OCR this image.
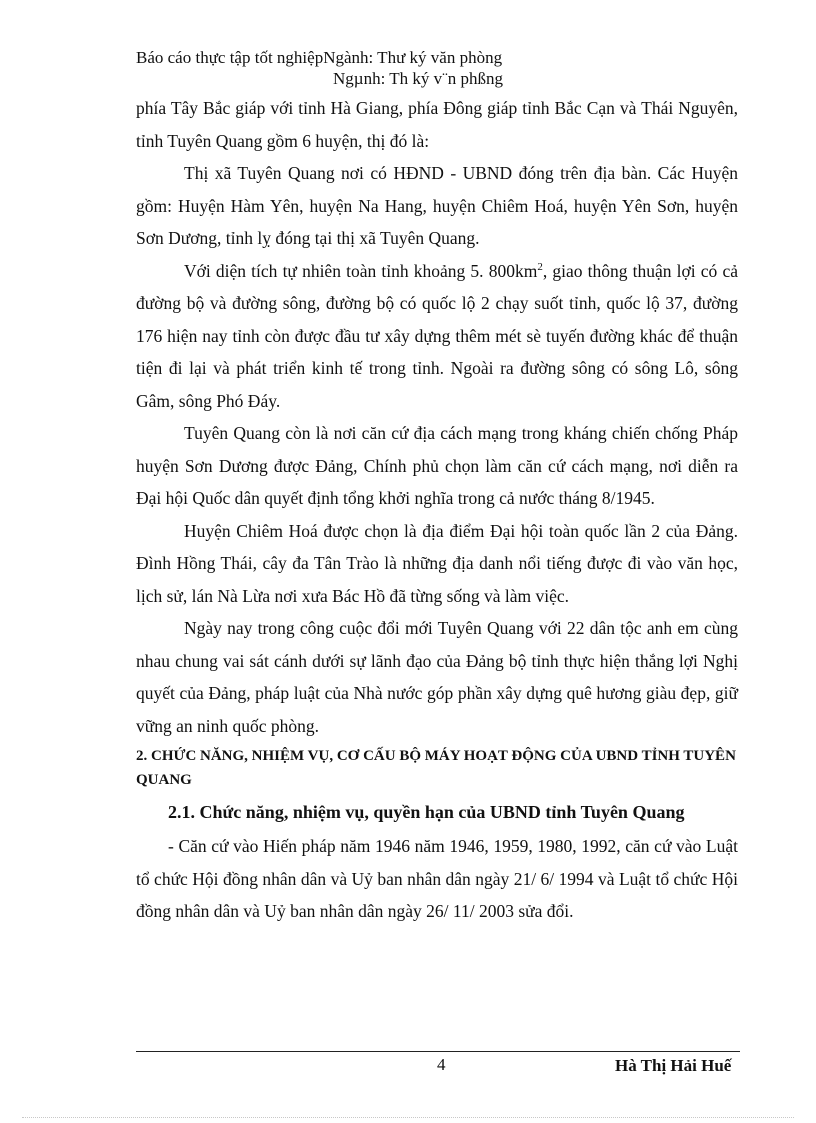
Báo cáo thực tập tốt nghiệpNgành: Thư ký văn phòng
Ngµnh: Th ký v¨n phßng

phía Tây Bắc giáp với tỉnh Hà Giang, phía Đông giáp tỉnh Bắc Cạn và Thái Nguyên, tỉnh Tuyên Quang gồm 6 huyện, thị đó là:

Thị xã Tuyên Quang nơi có HĐND - UBND đóng trên địa bàn. Các Huyện gồm: Huyện Hàm Yên, huyện Na Hang, huyện Chiêm Hoá, huyện Yên Sơn, huyện Sơn Dương, tỉnh lỵ đóng tại thị xã Tuyên Quang.

Với diện tích tự nhiên toàn tỉnh khoảng 5. $800km^2$, giao thông thuận lợi có cả đường bộ và đường sông, đường bộ có quốc lộ 2 chạy suốt tỉnh, quốc lộ 37, đường 176 hiện nay tỉnh còn được đầu tư xây dựng thêm mét sè tuyến đường khác để thuận tiện đi lại và phát triển kinh tế trong tỉnh. Ngoài ra đường sông có sông Lô, sông Gâm, sông Phó Đáy.

Tuyên Quang còn là nơi căn cứ địa cách mạng trong kháng chiến chống Pháp huyện Sơn Dương được Đảng, Chính phủ chọn làm căn cứ cách mạng, nơi diễn ra Đại hội Quốc dân quyết định tổng khởi nghĩa trong cả nước tháng 8/1945.

Huyện Chiêm Hoá được chọn là địa điểm Đại hội toàn quốc lần 2 của Đảng. Đình Hồng Thái, cây đa Tân Trào là những địa danh nổi tiếng được đi vào văn học, lịch sử, lán Nà Lừa nơi xưa Bác Hồ đã từng sống và làm việc.

Ngày nay trong công cuộc đổi mới Tuyên Quang với 22 dân tộc anh em cùng nhau chung vai sát cánh dưới sự lãnh đạo của Đảng bộ tỉnh thực hiện thắng lợi Nghị quyết của Đảng, pháp luật của Nhà nước góp phần xây dựng quê hương giàu đẹp, giữ vững an ninh quốc phòng.

2. CHỨC NĂNG, NHIỆM VỤ, CƠ CẤU BỘ MÁY HOẠT ĐỘNG CỦA UBND TỈNH TUYÊN QUANG

2.1. Chức năng, nhiệm vụ, quyền hạn của UBND tỉnh Tuyên Quang

- Căn cứ vào Hiến pháp năm 1946 năm 1946, 1959, 1980, 1992, căn cứ vào Luật tổ chức Hội đồng nhân dân và Uỷ ban nhân dân ngày 21/ 6/ 1994 và Luật tổ chức Hội đồng nhân dân và Uỷ ban nhân dân ngày 26/ 11/ 2003 sửa đổi.

4	Hà Thị Hải Huế
